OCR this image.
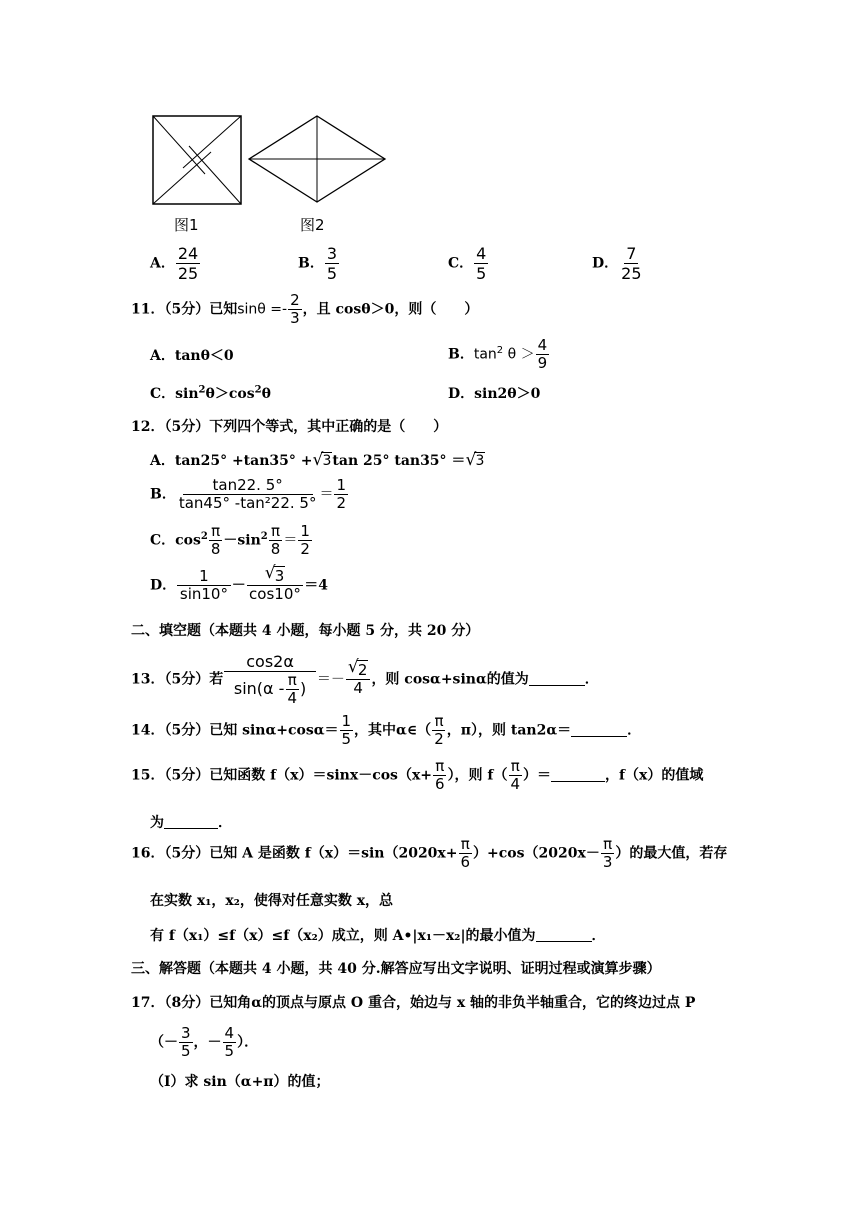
图1	图2
A． $\frac{24}{25}$	B． $\frac{3}{5}$	C． $\frac{4}{5}$	D． $\frac{7}{25}$
11．（5分）已知$\sin\theta =- \frac{2}{3}$ ，且 cosθ＞0，则（　　）
A．tanθ＜0	B．$\tan^2 \theta > \frac{4}{9}$
C．$\sin^2\theta>\cos^2\theta$	D．sin2θ＞0
12．（5分）下列四个等式，其中正确的是（　　）
A．tan25° +tan35° + √ 3tan 25° tan35° ＝ √ 3
B． $\frac{\tan 22. 5^\circ}{\text{tan45° -tan²22. 5°}} = \frac{1}{2}$
C．$\cos^2 \frac{\pi}{8} -\sin^2 \frac{\pi}{8} = \frac{1}{2}$
D． $\frac{1}{\sin 10^\circ} - \frac{√ 3}{\cos 10^\circ} =4$
二、填空题（本题共 4 小题，每小题 5 分，共 20 分）
13．（5分）若 $\frac{\cos 2\alpha}{\sin(\alpha - \frac{\pi}{4} )} =- \frac{√ 2}{4}$ ，则 cosα+sinα的值为	．
14．（5分）已知 $\sin\alpha+\cos\alpha= \frac{1}{5}$ ，其中α∈（ $\frac{\pi}{2}$ ，π），则 tan2α＝	．
15．（5分）已知函数 $f(x)=\sin x-\cos(x+ \frac{\pi}{6}$ ），则 $f( \frac{\pi}{4}$ ）＝	，f（x）的值域
为	．
16．（5分）已知 A 是函数 $f(x)=\sin(2020x+ \frac{\pi}{6} )+\cos(2020x- \frac{\pi}{3}$ ）的最大值，若存
在实数 x₁，x₂，使得对任意实数 x，总
有 f（x₁）≤f（x）≤f（x₂）成立，则 A•|x₁－x₂|的最小值为	．
三、解答题（本题共 4 小题，共 40 分.解答应写出文字说明、证明过程或演算步骤）
17．（8分）已知角α的顶点与原点 O 重合，始边与 x 轴的非负半轴重合，它的终边过点 P
（－ $\frac{3}{5}$ ，－ $\frac{4}{5}$ ）．
（Ⅰ）求 sin（α+π）的值；
